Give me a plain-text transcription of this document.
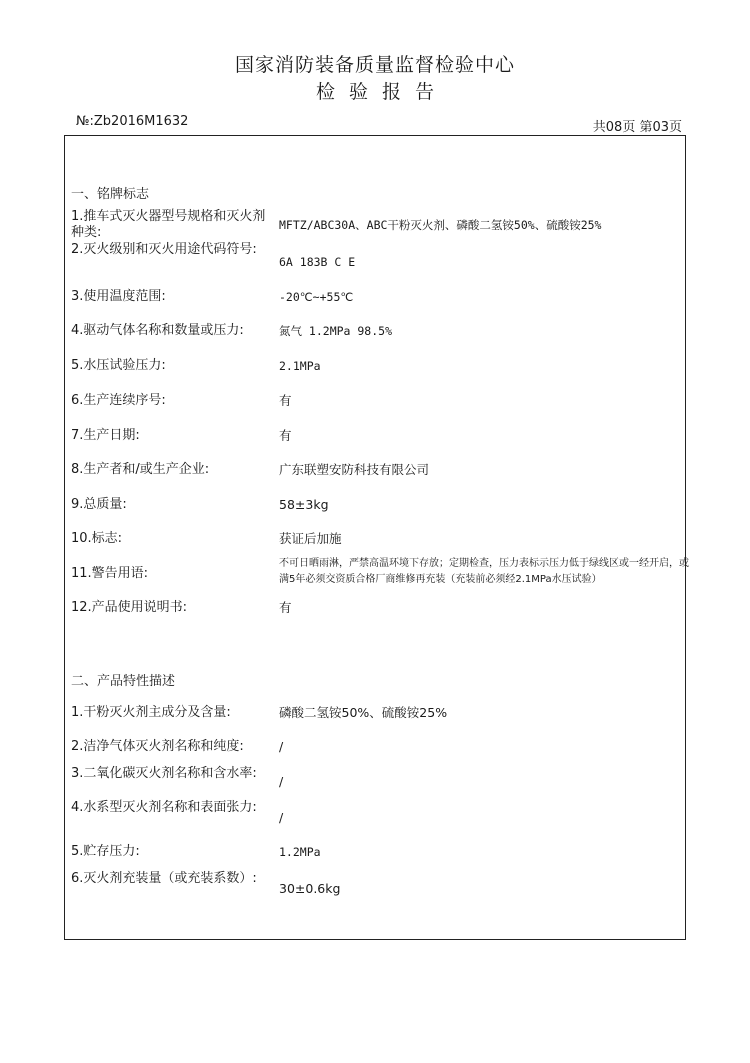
国家消防装备质量监督检验中心
检验报告
№:Zb2016M1632	共08页 第03页
一、铭牌标志
1.推车式灭火器型号规格和灭火剂种类:	MFTZ/ABC30A、ABC干粉灭火剂、磷酸二氢铵50%、硫酸铵25%
2.灭火级别和灭火用途代码符号:
6A 183B C E
3.使用温度范围:	-20℃~+55℃
4.驱动气体名称和数量或压力:	氮气 1.2MPa 98.5%
5.水压试验压力:	2.1MPa
6.生产连续序号:	有
7.生产日期:	有
8.生产者和/或生产企业:	广东联塑安防科技有限公司
9.总质量:	58±3kg
10.标志:	获证后加施
11.警告用语:
不可日晒雨淋，严禁高温环境下存放；定期检查，压力表标示压力低于绿线区或一经开启，或满5年必须交资质合格厂商维修再充装（充装前必须经2.1MPa水压试验）
12.产品使用说明书:	有
二、产品特性描述
1.干粉灭火剂主成分及含量:	磷酸二氢铵50%、硫酸铵25%
2.洁净气体灭火剂名称和纯度:	/
3.二氧化碳灭火剂名称和含水率:
/
4.水系型灭火剂名称和表面张力:
/
5.贮存压力:	1.2MPa
6.灭火剂充装量（或充装系数）:
30±0.6kg
